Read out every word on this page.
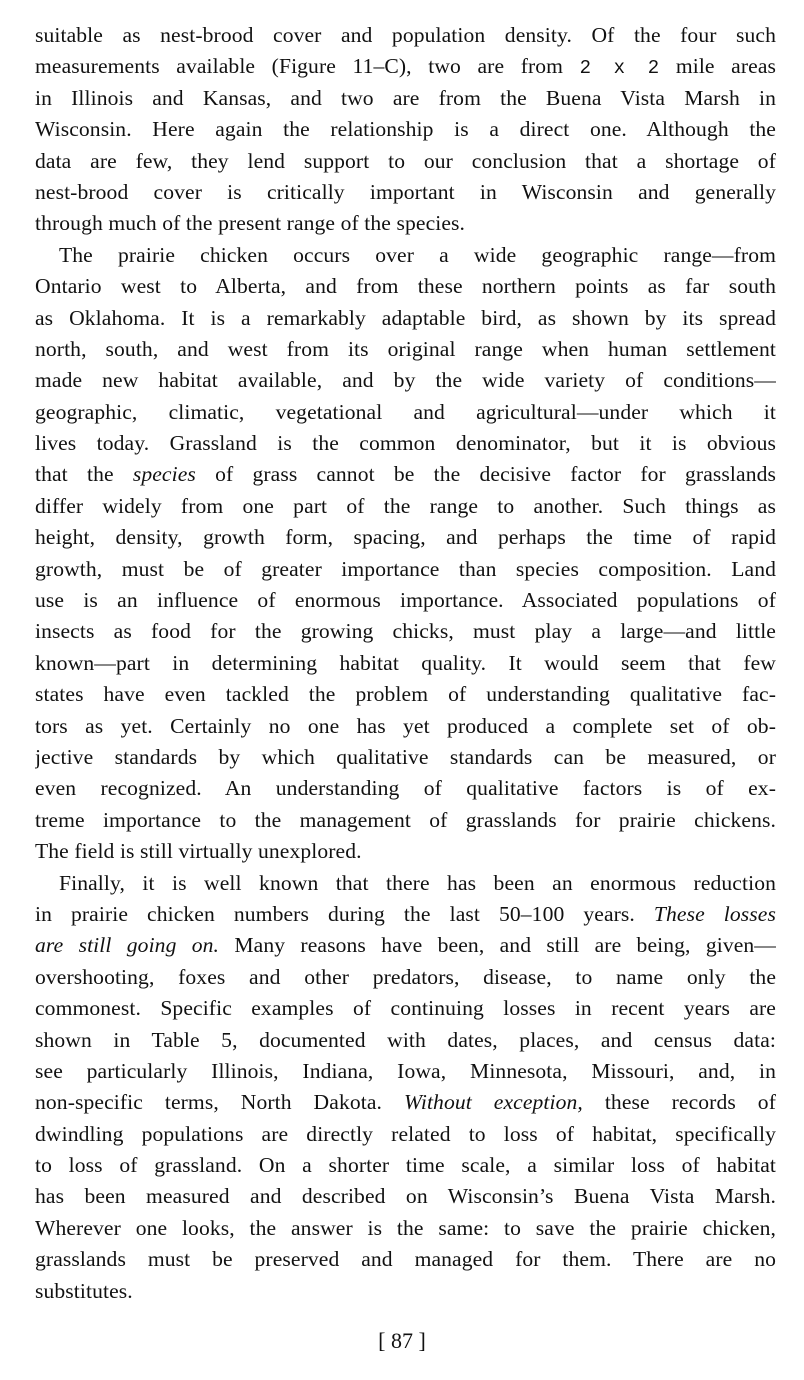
suitable as nest-brood cover and population density. Of the four such
measurements available (Figure 11–C), two are from 2 x 2 mile areas
in Illinois and Kansas, and two are from the Buena Vista Marsh in
Wisconsin. Here again the relationship is a direct one. Although the
data are few, they lend support to our conclusion that a shortage of
nest-brood cover is critically important in Wisconsin and generally
through much of the present range of the species.
The prairie chicken occurs over a wide geographic range—from
Ontario west to Alberta, and from these northern points as far south
as Oklahoma. It is a remarkably adaptable bird, as shown by its spread
north, south, and west from its original range when human settlement
made new habitat available, and by the wide variety of conditions—
geographic, climatic, vegetational and agricultural—under which it
lives today. Grassland is the common denominator, but it is obvious
that the species of grass cannot be the decisive factor for grasslands
differ widely from one part of the range to another. Such things as
height, density, growth form, spacing, and perhaps the time of rapid
growth, must be of greater importance than species composition. Land
use is an influence of enormous importance. Associated populations of
insects as food for the growing chicks, must play a large—and little
known—part in determining habitat quality. It would seem that few
states have even tackled the problem of understanding qualitative fac-
tors as yet. Certainly no one has yet produced a complete set of ob-
jective standards by which qualitative standards can be measured, or
even recognized. An understanding of qualitative factors is of ex-
treme importance to the management of grasslands for prairie chickens.
The field is still virtually unexplored.
Finally, it is well known that there has been an enormous reduction
in prairie chicken numbers during the last 50–100 years. These losses
are still going on. Many reasons have been, and still are being, given—
overshooting, foxes and other predators, disease, to name only the
commonest. Specific examples of continuing losses in recent years are
shown in Table 5, documented with dates, places, and census data:
see particularly Illinois, Indiana, Iowa, Minnesota, Missouri, and, in
non-specific terms, North Dakota. Without exception, these records of
dwindling populations are directly related to loss of habitat, specifically
to loss of grassland. On a shorter time scale, a similar loss of habitat
has been measured and described on Wisconsin’s Buena Vista Marsh.
Wherever one looks, the answer is the same: to save the prairie chicken,
grasslands must be preserved and managed for them. There are no
substitutes.
[ 87 ]
